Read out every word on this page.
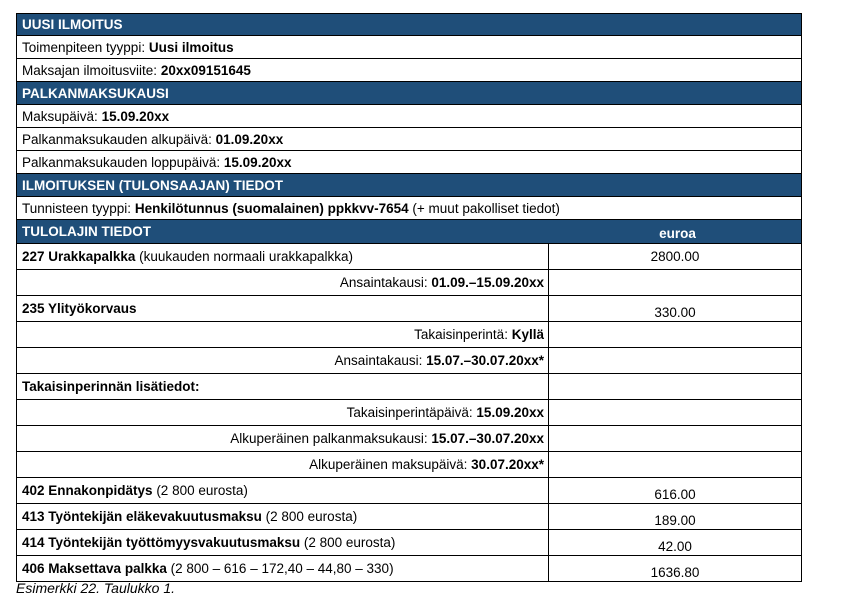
UUSI ILMOITUS
Toimenpiteen tyyppi:
Uusi ilmoitus
Maksajan ilmoitusviite:
20xx09151645
PALKANMAKSUKAUSI
Maksupäivä:
15.09.20xx
Palkanmaksukauden alkupäivä:
01.09.20xx
Palkanmaksukauden loppupäivä:
15.09.20xx
ILMOITUKSEN (TULONSAAJAN) TIEDOT
Tunnisteen tyyppi:
Henkilötunnus (suomalainen) ppkkvv-7654
(+ muut pakolliset tiedot)
TULOLAJIN TIEDOT	euroa
227 Urakkapalkka
(kuukauden normaali urakkapalkka)	2800.00
Ansaintakausi:
01.09.–15.09.20xx
235 Ylityökorvaus	330.00
Takaisinperintä:
Kyllä
Ansaintakausi:
15.07.–30.07.20xx*
Takaisinperinnän lisätiedot:
Takaisinperintäpäivä:
15.09.20xx
Alkuperäinen palkanmaksukausi:
15.07.–30.07.20xx
Alkuperäinen maksupäivä:
30.07.20xx*
402 Ennakonpidätys
(2 800 eurosta)	616.00
413 Työntekijän eläkevakuutusmaksu
(2 800 eurosta)	189.00
414 Työntekijän työttömyysvakuutusmaksu
(2 800 eurosta)	42.00
406 Maksettava palkka
(2 800 – 616 – 172,40 – 44,80 – 330)	1636.80
Esimerkki 22. Taulukko 1.
